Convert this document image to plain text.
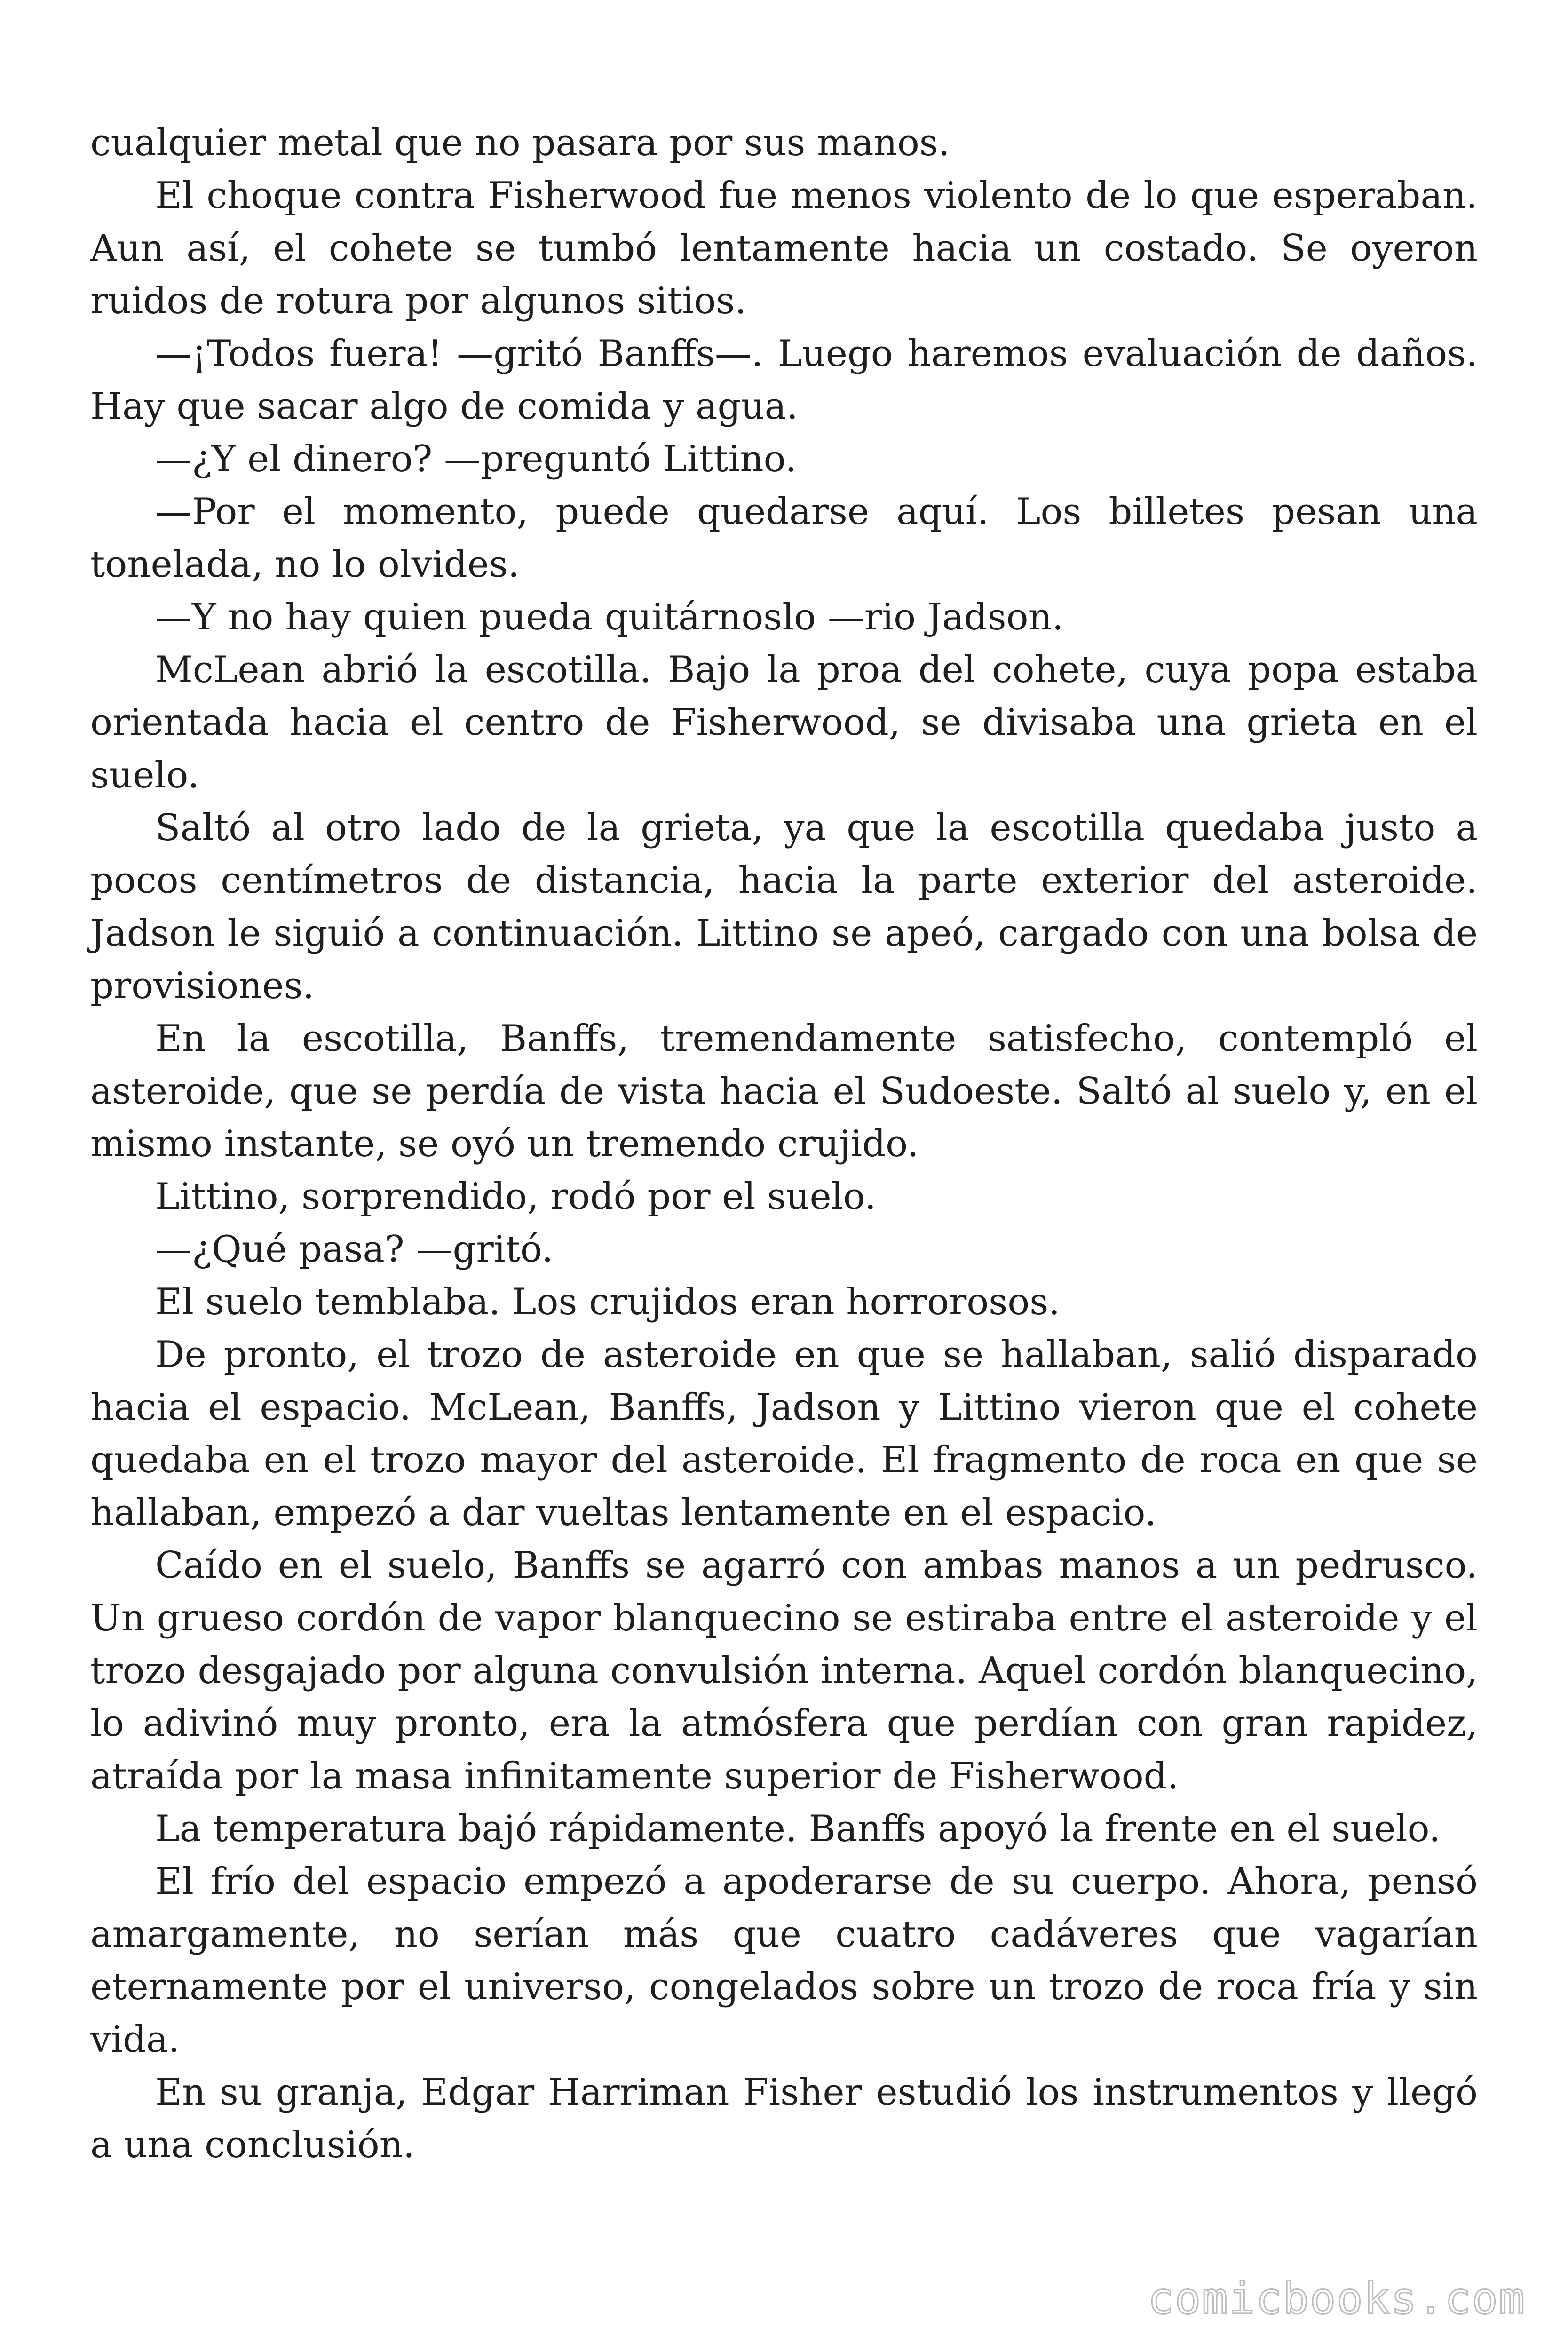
cualquier metal que no pasara por sus manos.

El choque contra Fisherwood fue menos violento de lo que esperaban. Aun así, el cohete se tumbó lentamente hacia un costado. Se oyeron ruidos de rotura por algunos sitios.

—¡Todos fuera! —gritó Banffs—. Luego haremos evaluación de daños. Hay que sacar algo de comida y agua.

—¿Y el dinero? —preguntó Littino.

—Por el momento, puede quedarse aquí. Los billetes pesan una tonelada, no lo olvides.

—Y no hay quien pueda quitárnoslo —rio Jadson.

McLean abrió la escotilla. Bajo la proa del cohete, cuya popa estaba orientada hacia el centro de Fisherwood, se divisaba una grieta en el suelo.

Saltó al otro lado de la grieta, ya que la escotilla quedaba justo a pocos centímetros de distancia, hacia la parte exterior del asteroide. Jadson le siguió a continuación. Littino se apeó, cargado con una bolsa de provisiones.

En la escotilla, Banffs, tremendamente satisfecho, contempló el asteroide, que se perdía de vista hacia el Sudoeste. Saltó al suelo y, en el mismo instante, se oyó un tremendo crujido.

Littino, sorprendido, rodó por el suelo.

—¿Qué pasa? —gritó.

El suelo temblaba. Los crujidos eran horrorosos.

De pronto, el trozo de asteroide en que se hallaban, salió disparado hacia el espacio. McLean, Banffs, Jadson y Littino vieron que el cohete quedaba en el trozo mayor del asteroide. El fragmento de roca en que se hallaban, empezó a dar vueltas lentamente en el espacio.

Caído en el suelo, Banffs se agarró con ambas manos a un pedrusco. Un grueso cordón de vapor blanquecino se estiraba entre el asteroide y el trozo desgajado por alguna convulsión interna. Aquel cordón blanquecino, lo adivinó muy pronto, era la atmósfera que perdían con gran rapidez, atraída por la masa infinitamente superior de Fisherwood.

La temperatura bajó rápidamente. Banffs apoyó la frente en el suelo.

El frío del espacio empezó a apoderarse de su cuerpo. Ahora, pensó amargamente, no serían más que cuatro cadáveres que vagarían eternamente por el universo, congelados sobre un trozo de roca fría y sin vida.

En su granja, Edgar Harriman Fisher estudió los instrumentos y llegó a una conclusión.

comicbooks.com
